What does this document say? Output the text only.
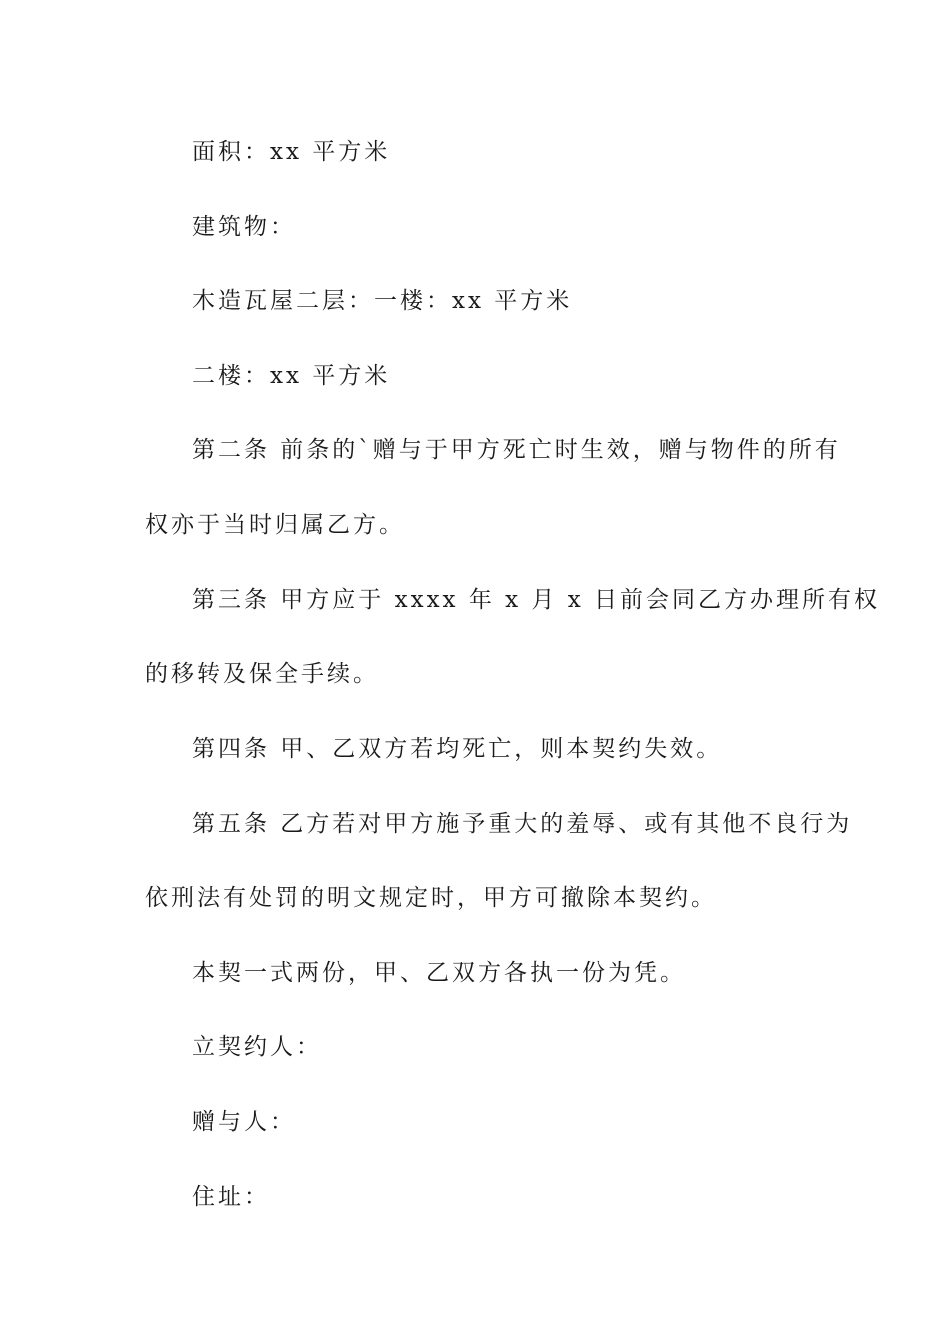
面积：xx 平方米

建筑物：

木造瓦屋二层：一楼：xx 平方米

二楼：xx 平方米

第二条 前条的`赠与于甲方死亡时生效，赠与物件的所有

权亦于当时归属乙方。

第三条 甲方应于 xxxx 年 x 月 x 日前会同乙方办理所有权

的移转及保全手续。

第四条 甲、乙双方若均死亡，则本契约失效。

第五条 乙方若对甲方施予重大的羞辱、或有其他不良行为

依刑法有处罚的明文规定时，甲方可撤除本契约。

本契一式两份，甲、乙双方各执一份为凭。

立契约人：

赠与人：

住址：
